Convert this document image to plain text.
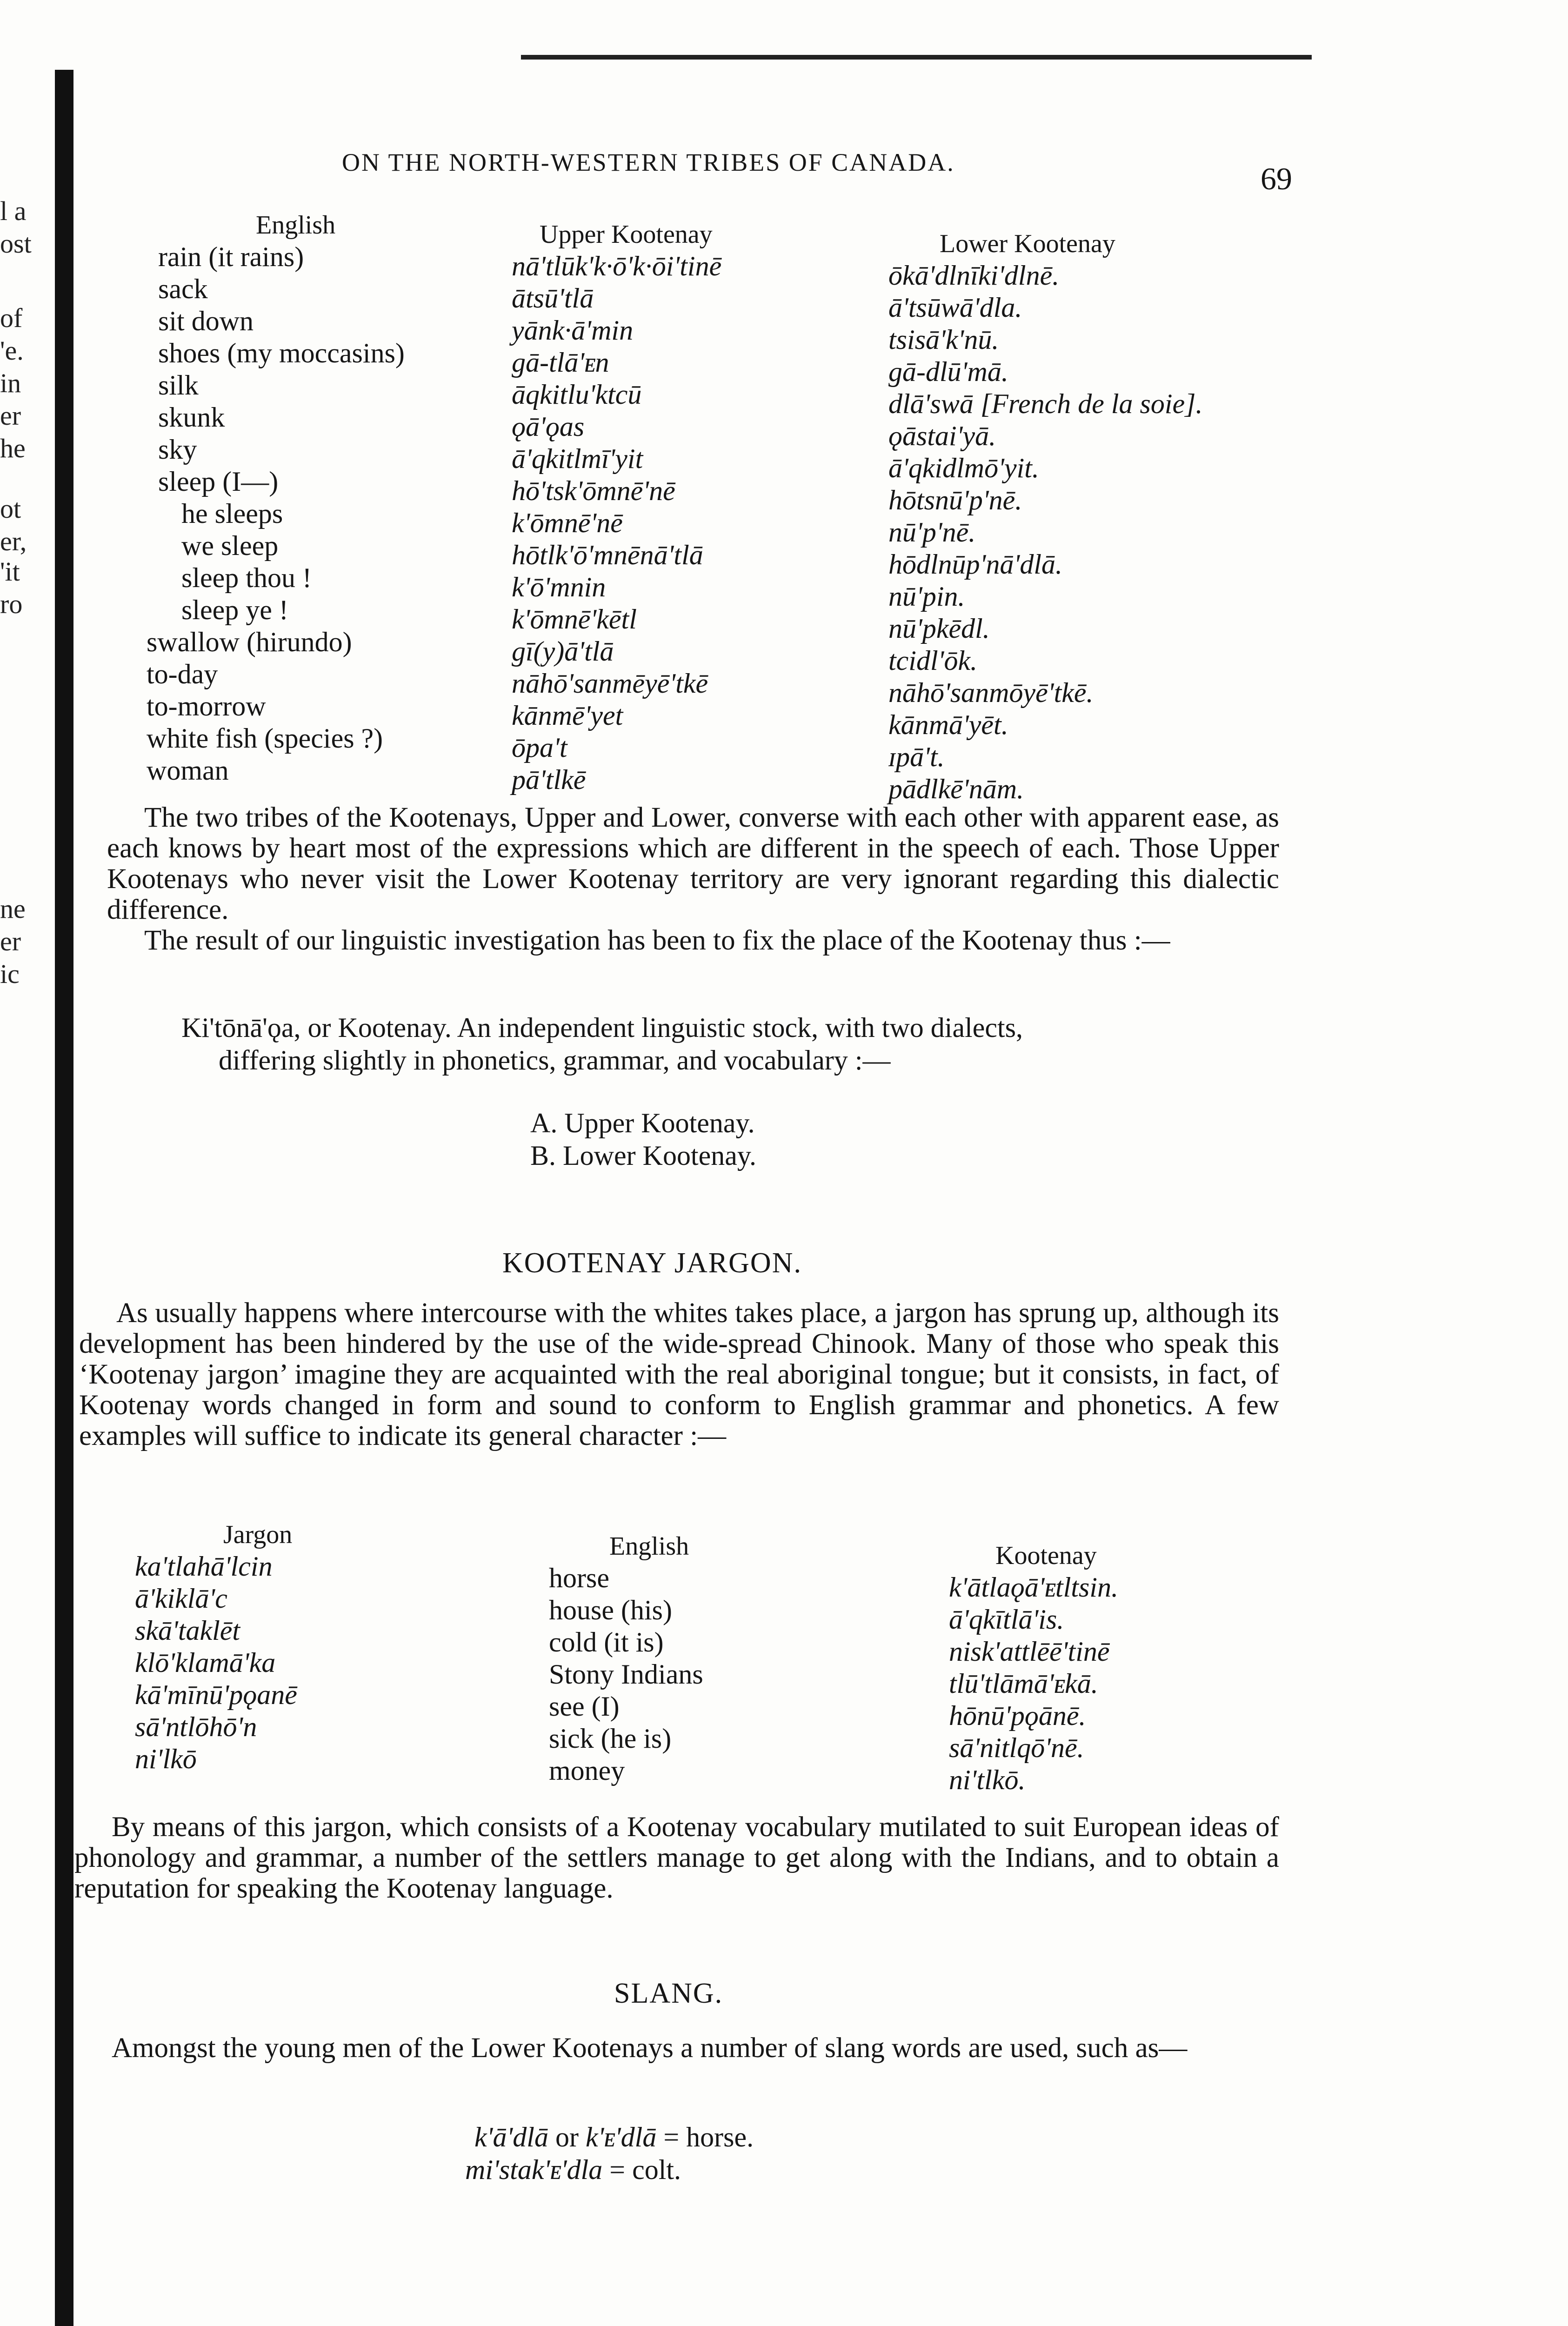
l a
ost
of
'e.
in
er
he
ot
er,
'it
ro
ne
er
ic
ON THE NORTH-WESTERN TRIBES OF CANADA.	69
English
rain (it rains)
sack
sit down
shoes (my moccasins)
silk
skunk
sky
sleep (I—)
he sleeps
we sleep
sleep thou !
sleep ye !
swallow (hirundo)
to-day
to-morrow
white fish (species ?)
woman
Upper Kootenay
nā'tlūk'k·ō'k·ōi'tinē
ātsū'tlā
yānk·ā'min
gā-tlā'ᴇn
āqkitlu'ktcū
ǫā'ǫas
ā'qkitlmī'yit
hō'tsk'ōmnē'nē
k'ōmnē'nē
hōtlk'ō'mnēnā'tlā
k'ō'mnin
k'ōmnē'kētl
gī(y)ā'tlā
nāhō'sanmēyē'tkē
kānmē'yet
ōpa't
pā'tlkē
Lower Kootenay
ōkā'dlnīki'dlnē.
ā'tsūwā'dla.
tsisā'k'nū.
gā-dlū'mā.
dlā'swā [French de la soie].
ǫāstai'yā.
ā'qkidlmō'yit.
hōtsnū'p'nē.
nū'p'nē.
hōdlnūp'nā'dlā.
nū'pin.
nū'pkēdl.
tcidl'ōk.
nāhō'sanmōyē'tkē.
kānmā'yēt.
ɪpā't.
pādlkē'nām.

The two tribes of the Kootenays, Upper and Lower, converse with each other with apparent ease, as each knows by heart most of the expressions which are different in the speech of each. Those Upper Kootenays who never visit the Lower Kootenay territory are very ignorant regarding this dialectic difference.

The result of our linguistic investigation has been to fix the place of the Kootenay thus :—

Ki'tōnā'ǫa, or Kootenay. An independent linguistic stock, with two dialects,
differing slightly in phonetics, grammar, and vocabulary :—
A. Upper Kootenay.
B. Lower Kootenay.
KOOTENAY JARGON.

As usually happens where intercourse with the whites takes place, a jargon has sprung up, although its development has been hindered by the use of the wide-spread Chinook. Many of those who speak this ‘Kootenay jargon’ imagine they are acquainted with the real aboriginal tongue; but it consists, in fact, of Kootenay words changed in form and sound to conform to English grammar and phonetics. A few examples will suffice to indicate its general character :—

Jargon
ka'tlahā'lcin
ā'kiklā'c
skā'taklēt
klō'klamā'ka
kā'mīnū'pǫanē
sā'ntlōhō'n
ni'lkō
English
horse
house (his)
cold (it is)
Stony Indians
see (I)
sick (he is)
money
Kootenay
k'ātlaǫā'ᴇtltsin.
ā'qkītlā'is.
nisk'attlēē'tinē
tlū'tlāmā'ᴇkā.
hōnū'pǫānē.
sā'nitlqō'nē.
ni'tlkō.

By means of this jargon, which consists of a Kootenay vocabulary mutilated to suit European ideas of phonology and grammar, a number of the settlers manage to get along with the Indians, and to obtain a reputation for speaking the Kootenay language.

SLANG.

Amongst the young men of the Lower Kootenays a number of slang words are used, such as—

k'ā'dlā or k'ᴇ'dlā = horse.
mi'stak'ᴇ'dla = colt.
